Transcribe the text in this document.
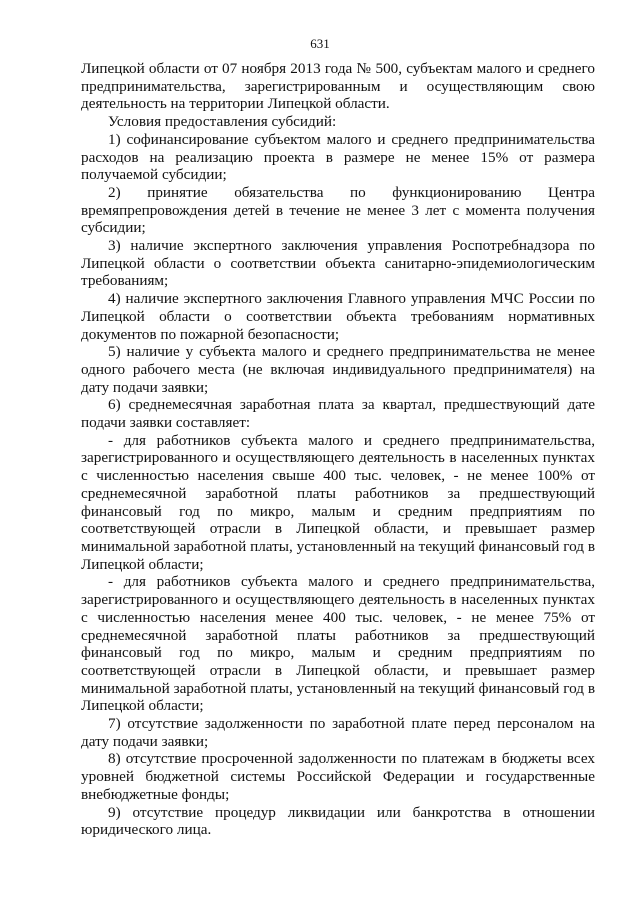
631

Липецкой области от 07 ноября 2013 года № 500, субъектам малого и среднего предпринимательства, зарегистрированным и осуществляющим свою деятельность на территории Липецкой области.

Условия предоставления субсидий:

1) софинансирование субъектом малого и среднего предпринимательства расходов на реализацию проекта в размере не менее 15% от размера получаемой субсидии;

2) принятие обязательства по функционированию Центра времяпрепровождения детей в течение не менее 3 лет с момента получения субсидии;

3) наличие экспертного заключения управления Роспотребнадзора по Липецкой области о соответствии объекта санитарно-эпидемиологическим требованиям;

4) наличие экспертного заключения Главного управления МЧС России по Липецкой области о соответствии объекта требованиям нормативных документов по пожарной безопасности;

5) наличие у субъекта малого и среднего предпринимательства не менее одного рабочего места (не включая индивидуального предпринимателя) на дату подачи заявки;

6) среднемесячная заработная плата за квартал, предшествующий дате подачи заявки составляет:

- для работников субъекта малого и среднего предпринимательства, зарегистрированного и осуществляющего деятельность в населенных пунктах с численностью населения свыше 400 тыс. человек, - не менее 100% от среднемесячной заработной платы работников за предшествующий финансовый год по микро, малым и средним предприятиям по соответствующей отрасли в Липецкой области, и превышает размер минимальной заработной платы, установленный на текущий финансовый год в Липецкой области;

- для работников субъекта малого и среднего предпринимательства, зарегистрированного и осуществляющего деятельность в населенных пунктах с численностью населения менее 400 тыс. человек, - не менее 75% от среднемесячной заработной платы работников за предшествующий финансовый год по микро, малым и средним предприятиям по соответствующей отрасли в Липецкой области, и превышает размер минимальной заработной платы, установленный на текущий финансовый год в Липецкой области;

7) отсутствие задолженности по заработной плате перед персоналом на дату подачи заявки;

8) отсутствие просроченной задолженности по платежам в бюджеты всех уровней бюджетной системы Российской Федерации и государственные внебюджетные фонды;

9) отсутствие процедур ликвидации или банкротства в отношении юридического лица.
